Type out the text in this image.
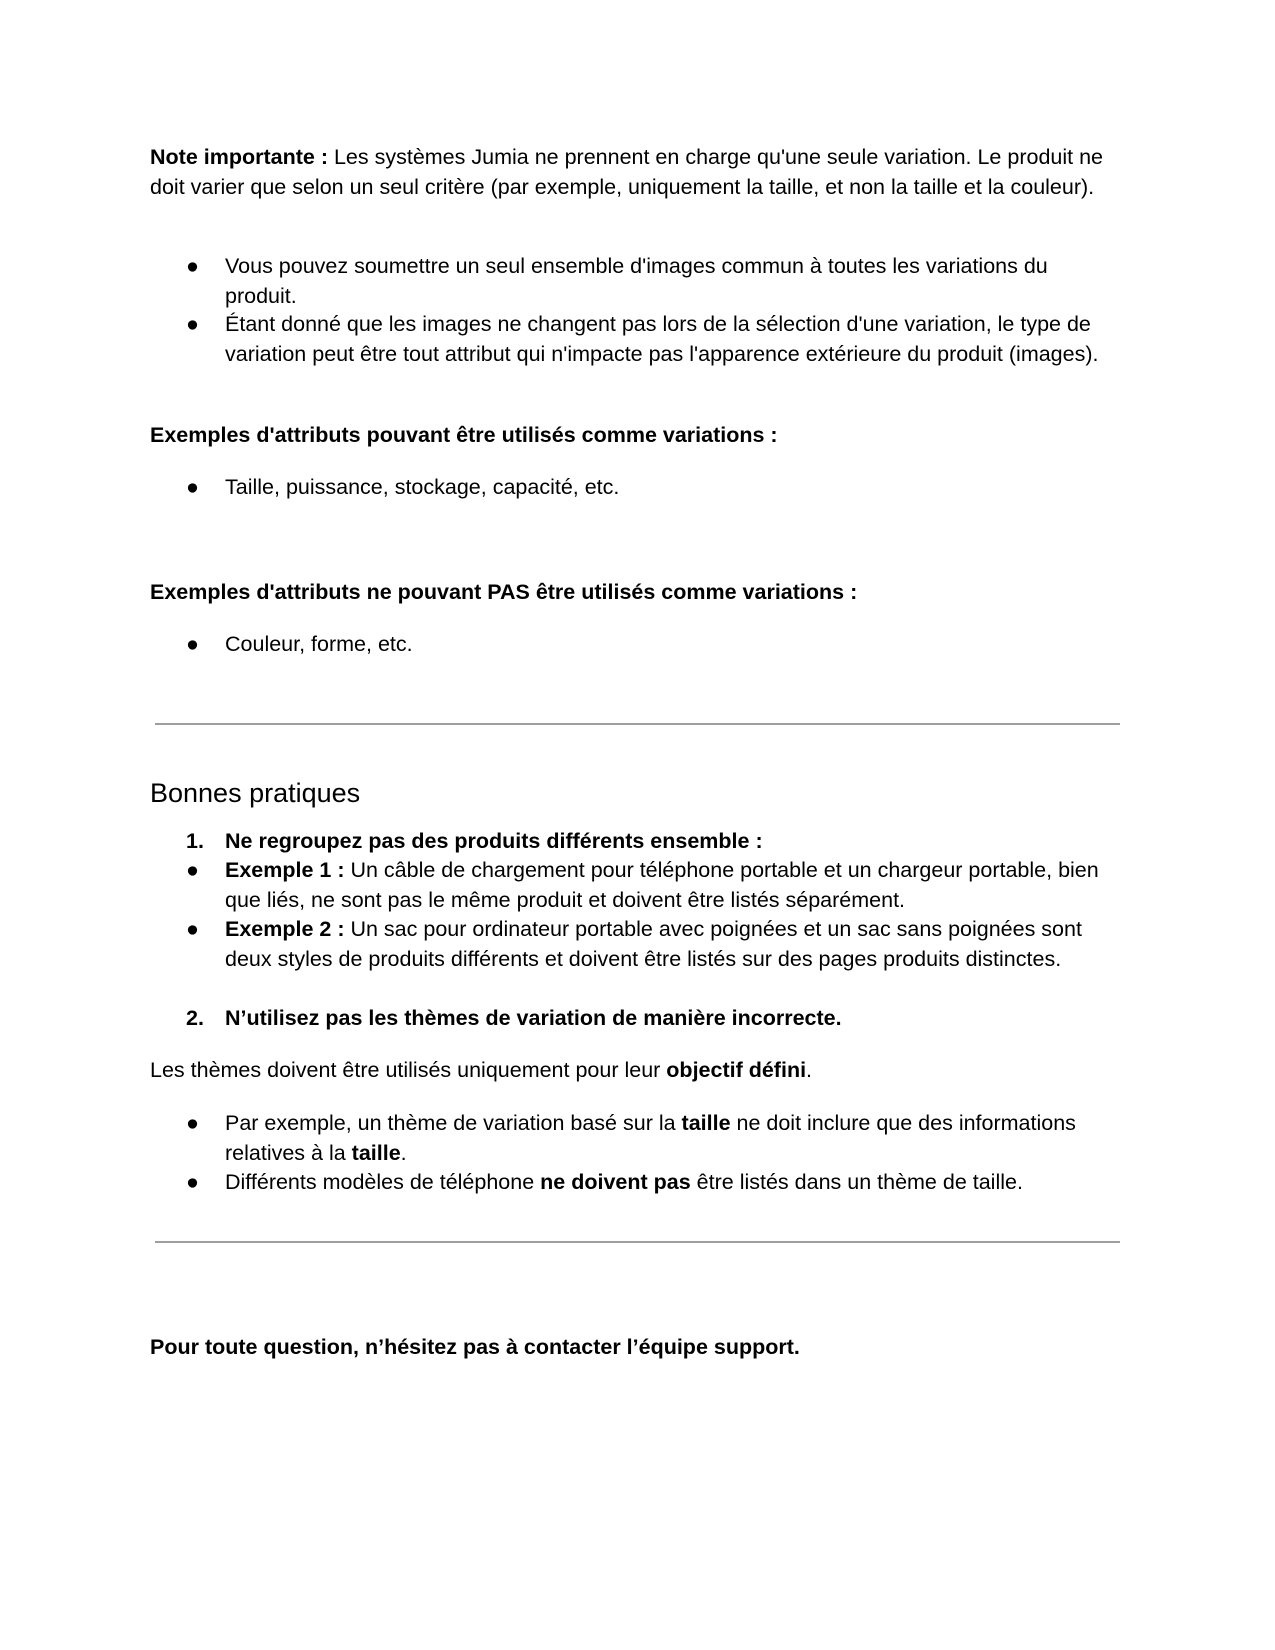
Note importante : Les systèmes Jumia ne prennent en charge qu'une seule variation. Le produit ne doit varier que selon un seul critère (par exemple, uniquement la taille, et non la taille et la couleur).

●	Vous pouvez soumettre un seul ensemble d'images commun à toutes les variations du produit.
●	Étant donné que les images ne changent pas lors de la sélection d'une variation, le type de variation peut être tout attribut qui n'impacte pas l'apparence extérieure du produit (images).

Exemples d'attributs pouvant être utilisés comme variations :

●	Taille, puissance, stockage, capacité, etc.

Exemples d'attributs ne pouvant PAS être utilisés comme variations :

●	Couleur, forme, etc.
Bonnes pratiques
1. Ne regroupez pas des produits différents ensemble :
●	Exemple 1 : Un câble de chargement pour téléphone portable et un chargeur portable, bien que liés, ne sont pas le même produit et doivent être listés séparément.
●	Exemple 2 : Un sac pour ordinateur portable avec poignées et un sac sans poignées sont deux styles de produits différents et doivent être listés sur des pages produits distinctes.
2. N’utilisez pas les thèmes de variation de manière incorrecte.

Les thèmes doivent être utilisés uniquement pour leur objectif défini.

●	Par exemple, un thème de variation basé sur la taille ne doit inclure que des informations relatives à la taille.
●	Différents modèles de téléphone ne doivent pas être listés dans un thème de taille.

Pour toute question, n’hésitez pas à contacter l’équipe support.
